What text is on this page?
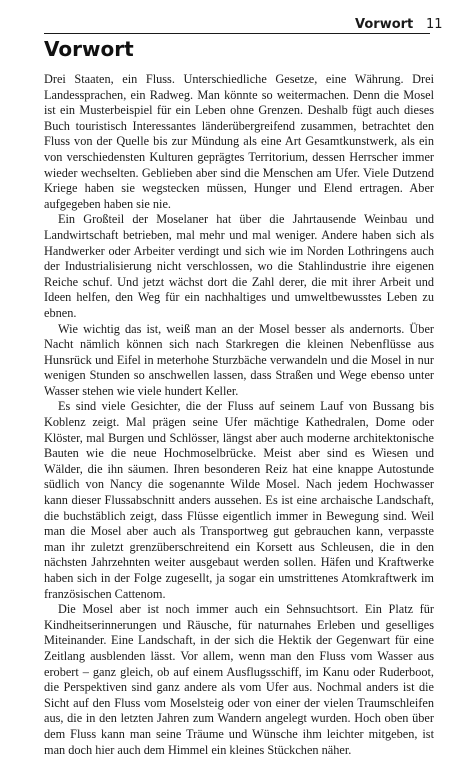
Vorwort 11
Vorwort

Drei Staaten, ein Fluss. Unterschiedliche Gesetze, eine Währung. Drei Landessprachen, ein Radweg. Man könnte so weitermachen. Denn die Mosel ist ein Musterbeispiel für ein Leben ohne Grenzen. Deshalb fügt auch dieses Buch touristisch Interessantes länderübergreifend zusammen, betrachtet den Fluss von der Quelle bis zur Mündung als eine Art Gesamtkunstwerk, als ein von verschiedensten Kulturen geprägtes Territorium, dessen Herrscher immer wieder wechselten. Geblieben aber sind die Menschen am Ufer. Viele Dutzend Kriege haben sie wegstecken müssen, Hunger und Elend ertragen. Aber aufgegeben haben sie nie.

Ein Großteil der Moselaner hat über die Jahrtausende Weinbau und Landwirtschaft betrieben, mal mehr und mal weniger. Andere haben sich als Handwerker oder Arbeiter verdingt und sich wie im Norden Lothringens auch der Industrialisierung nicht verschlossen, wo die Stahlindustrie ihre eigenen Reiche schuf. Und jetzt wächst dort die Zahl derer, die mit ihrer Arbeit und Ideen helfen, den Weg für ein nachhaltiges und umweltbewusstes Leben zu ebnen.

Wie wichtig das ist, weiß man an der Mosel besser als andernorts. Über Nacht nämlich können sich nach Starkregen die kleinen Nebenflüsse aus Hunsrück und Eifel in meterhohe Sturzbäche verwandeln und die Mosel in nur wenigen Stunden so anschwellen lassen, dass Straßen und Wege ebenso unter Wasser stehen wie viele hundert Keller.

Es sind viele Gesichter, die der Fluss auf seinem Lauf von Bussang bis Koblenz zeigt. Mal prägen seine Ufer mächtige Kathedralen, Dome oder Klöster, mal Burgen und Schlösser, längst aber auch moderne architektonische Bauten wie die neue Hochmoselbrücke. Meist aber sind es Wiesen und Wälder, die ihn säumen. Ihren besonderen Reiz hat eine knappe Autostunde südlich von Nancy die sogenannte Wilde Mosel. Nach jedem Hochwasser kann dieser Flussabschnitt anders aussehen. Es ist eine archaische Landschaft, die buchstäblich zeigt, dass Flüsse eigentlich immer in Bewegung sind. Weil man die Mosel aber auch als Transportweg gut gebrauchen kann, verpasste man ihr zuletzt grenzüberschreitend ein Korsett aus Schleusen, die in den nächsten Jahrzehnten weiter ausgebaut werden sollen. Häfen und Kraftwerke haben sich in der Folge zugesellt, ja sogar ein umstrittenes Atomkraftwerk im französischen Cattenom.

Die Mosel aber ist noch immer auch ein Sehnsuchtsort. Ein Platz für Kindheitserinnerungen und Räusche, für naturnahes Erleben und geselliges Miteinander. Eine Landschaft, in der sich die Hektik der Gegenwart für eine Zeitlang ausblenden lässt. Vor allem, wenn man den Fluss vom Wasser aus erobert – ganz gleich, ob auf einem Ausflugsschiff, im Kanu oder Ruderboot, die Perspektiven sind ganz andere als vom Ufer aus. Nochmal anders ist die Sicht auf den Fluss vom Moselsteig oder von einer der vielen Traumschleifen aus, die in den letzten Jahren zum Wandern angelegt wurden. Hoch oben über dem Fluss kann man seine Träume und Wünsche ihm leichter mitgeben, ist man doch hier auch dem Himmel ein kleines Stückchen näher.
